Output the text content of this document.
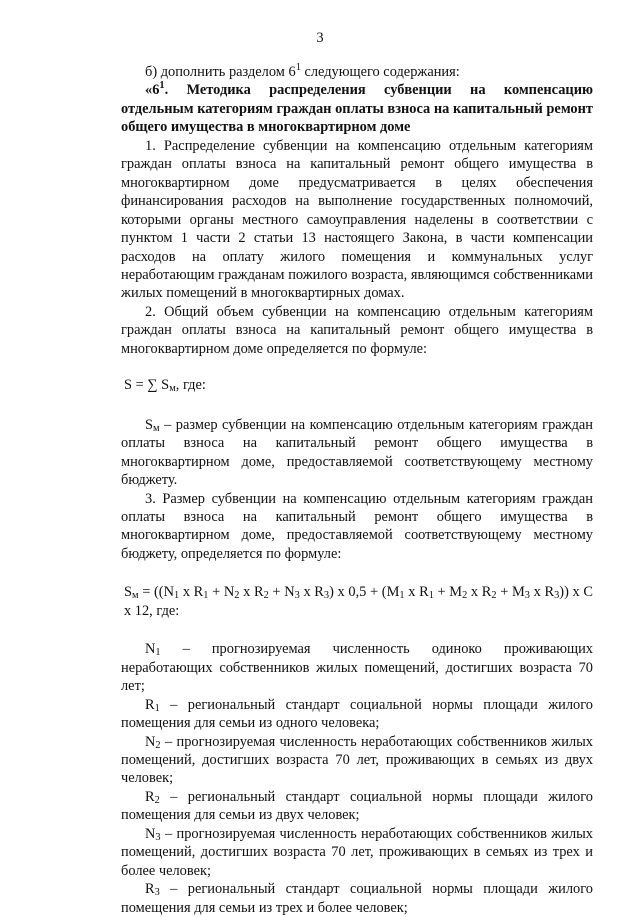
3

б) дополнить разделом $6^1$ следующего содержания:

«$6^1$. Методика распределения субвенции на компенсацию отдельным категориям граждан оплаты взноса на капитальный ремонт общего имущества в многоквартирном доме

1. Распределение субвенции на компенсацию отдельным категориям граждан оплаты взноса на капитальный ремонт общего имущества в многоквартирном доме предусматривается в целях обеспечения финансирования расходов на выполнение государственных полномочий, которыми органы местного самоуправления наделены в соответствии с пунктом 1 части 2 статьи 13 настоящего Закона, в части компенсации расходов на оплату жилого помещения и коммунальных услуг неработающим гражданам пожилого возраста, являющимся собственниками жилых помещений в многоквартирных домах.

2. Общий объем субвенции на компенсацию отдельным категориям граждан оплаты взноса на капитальный ремонт общего имущества в многоквартирном доме определяется по формуле:

S = ∑ $S_м$, где:

$S_м$ – размер субвенции на компенсацию отдельным категориям граждан оплаты взноса на капитальный ремонт общего имущества в многоквартирном доме, предоставляемой соответствующему местному бюджету.

3. Размер субвенции на компенсацию отдельным категориям граждан оплаты взноса на капитальный ремонт общего имущества в многоквартирном доме, предоставляемой соответствующему местному бюджету, определяется по формуле:

$S_м = ((N_1$ x $R_1 + N_2$ x $R_2 + N_3$ x $R_3$) x $0,5 + (M_1$ x $R_1 + M_2$ x $R_2 + M_3$ x $R_3$)) x C x 12, где:

$N_1$ – прогнозируемая численность одиноко проживающих неработающих собственников жилых помещений, достигших возраста 70 лет;

$R_1$ – региональный стандарт социальной нормы площади жилого помещения для семьи из одного человека;

$N_2$ – прогнозируемая численность неработающих собственников жилых помещений, достигших возраста 70 лет, проживающих в семьях из двух человек;

$R_2$ – региональный стандарт социальной нормы площади жилого помещения для семьи из двух человек;

$N_3$ – прогнозируемая численность неработающих собственников жилых помещений, достигших возраста 70 лет, проживающих в семьях из трех и более человек;

$R_3$ – региональный стандарт социальной нормы площади жилого помещения для семьи из трех и более человек;
